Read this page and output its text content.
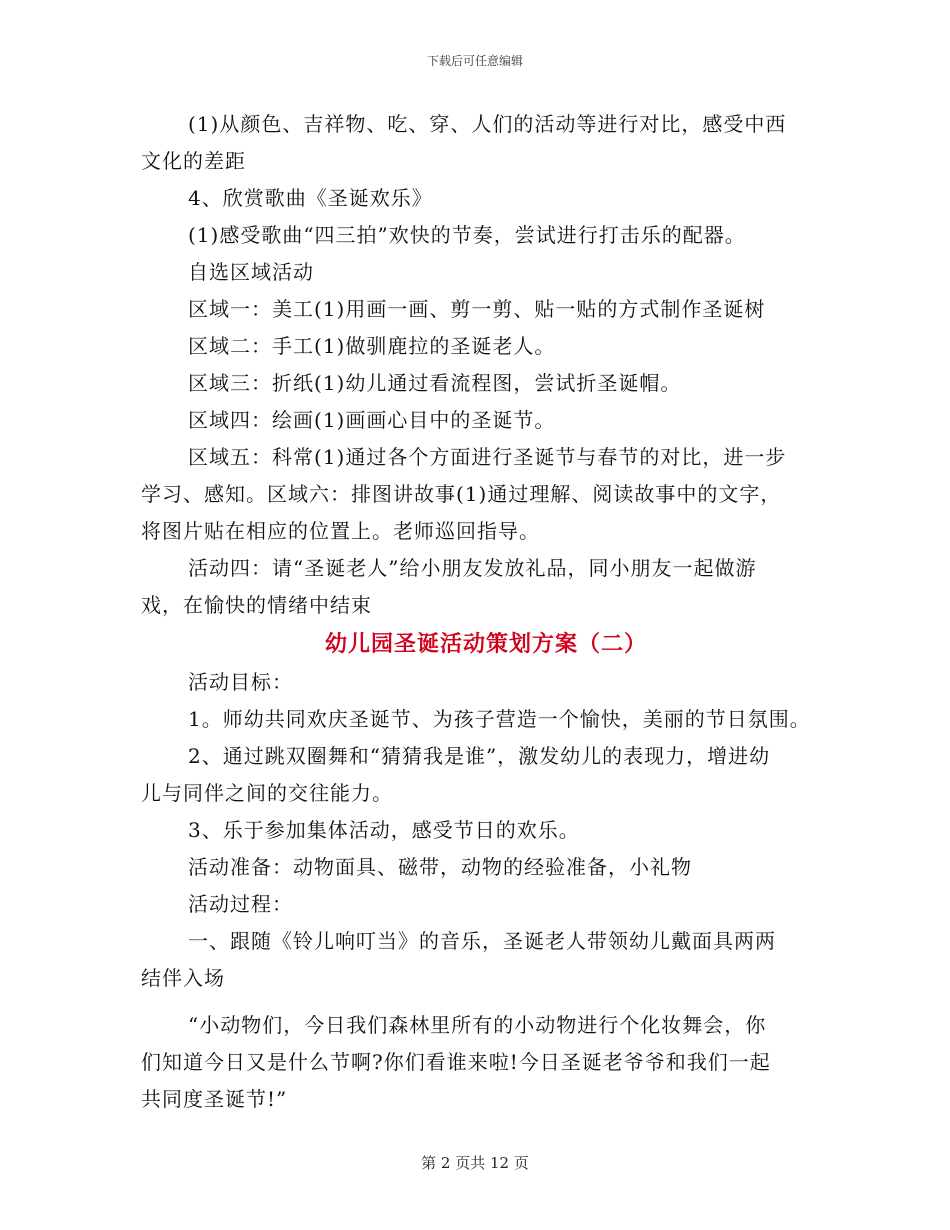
下载后可任意编辑
(1)从颜色、吉祥物、吃、穿、人们的活动等进行对比，感受中西
文化的差距
4、欣赏歌曲《圣诞欢乐》
(1)感受歌曲“四三拍”欢快的节奏，尝试进行打击乐的配器。
自选区域活动
区域一：美工(1)用画一画、剪一剪、贴一贴的方式制作圣诞树
区域二：手工(1)做驯鹿拉的圣诞老人。
区域三：折纸(1)幼儿通过看流程图，尝试折圣诞帽。
区域四：绘画(1)画画心目中的圣诞节。
区域五：科常(1)通过各个方面进行圣诞节与春节的对比，进一步
学习、感知。区域六：排图讲故事(1)通过理解、阅读故事中的文字，
将图片贴在相应的位置上。老师巡回指导。
活动四：请“圣诞老人”给小朋友发放礼品，同小朋友一起做游
戏，在愉快的情绪中结束
幼儿园圣诞活动策划方案（二）
活动目标：
1。师幼共同欢庆圣诞节、为孩子营造一个愉快，美丽的节日氛围。
2、通过跳双圈舞和“猜猜我是谁”，激发幼儿的表现力，增进幼
儿与同伴之间的交往能力。
3、乐于参加集体活动，感受节日的欢乐。
活动准备：动物面具、磁带，动物的经验准备，小礼物
活动过程：
一、跟随《铃儿响叮当》的音乐，圣诞老人带领幼儿戴面具两两
结伴入场
“小动物们，今日我们森林里所有的小动物进行个化妆舞会，你
们知道今日又是什么节啊?你们看谁来啦!今日圣诞老爷爷和我们一起
共同度圣诞节!”
第 2 页共 12 页
